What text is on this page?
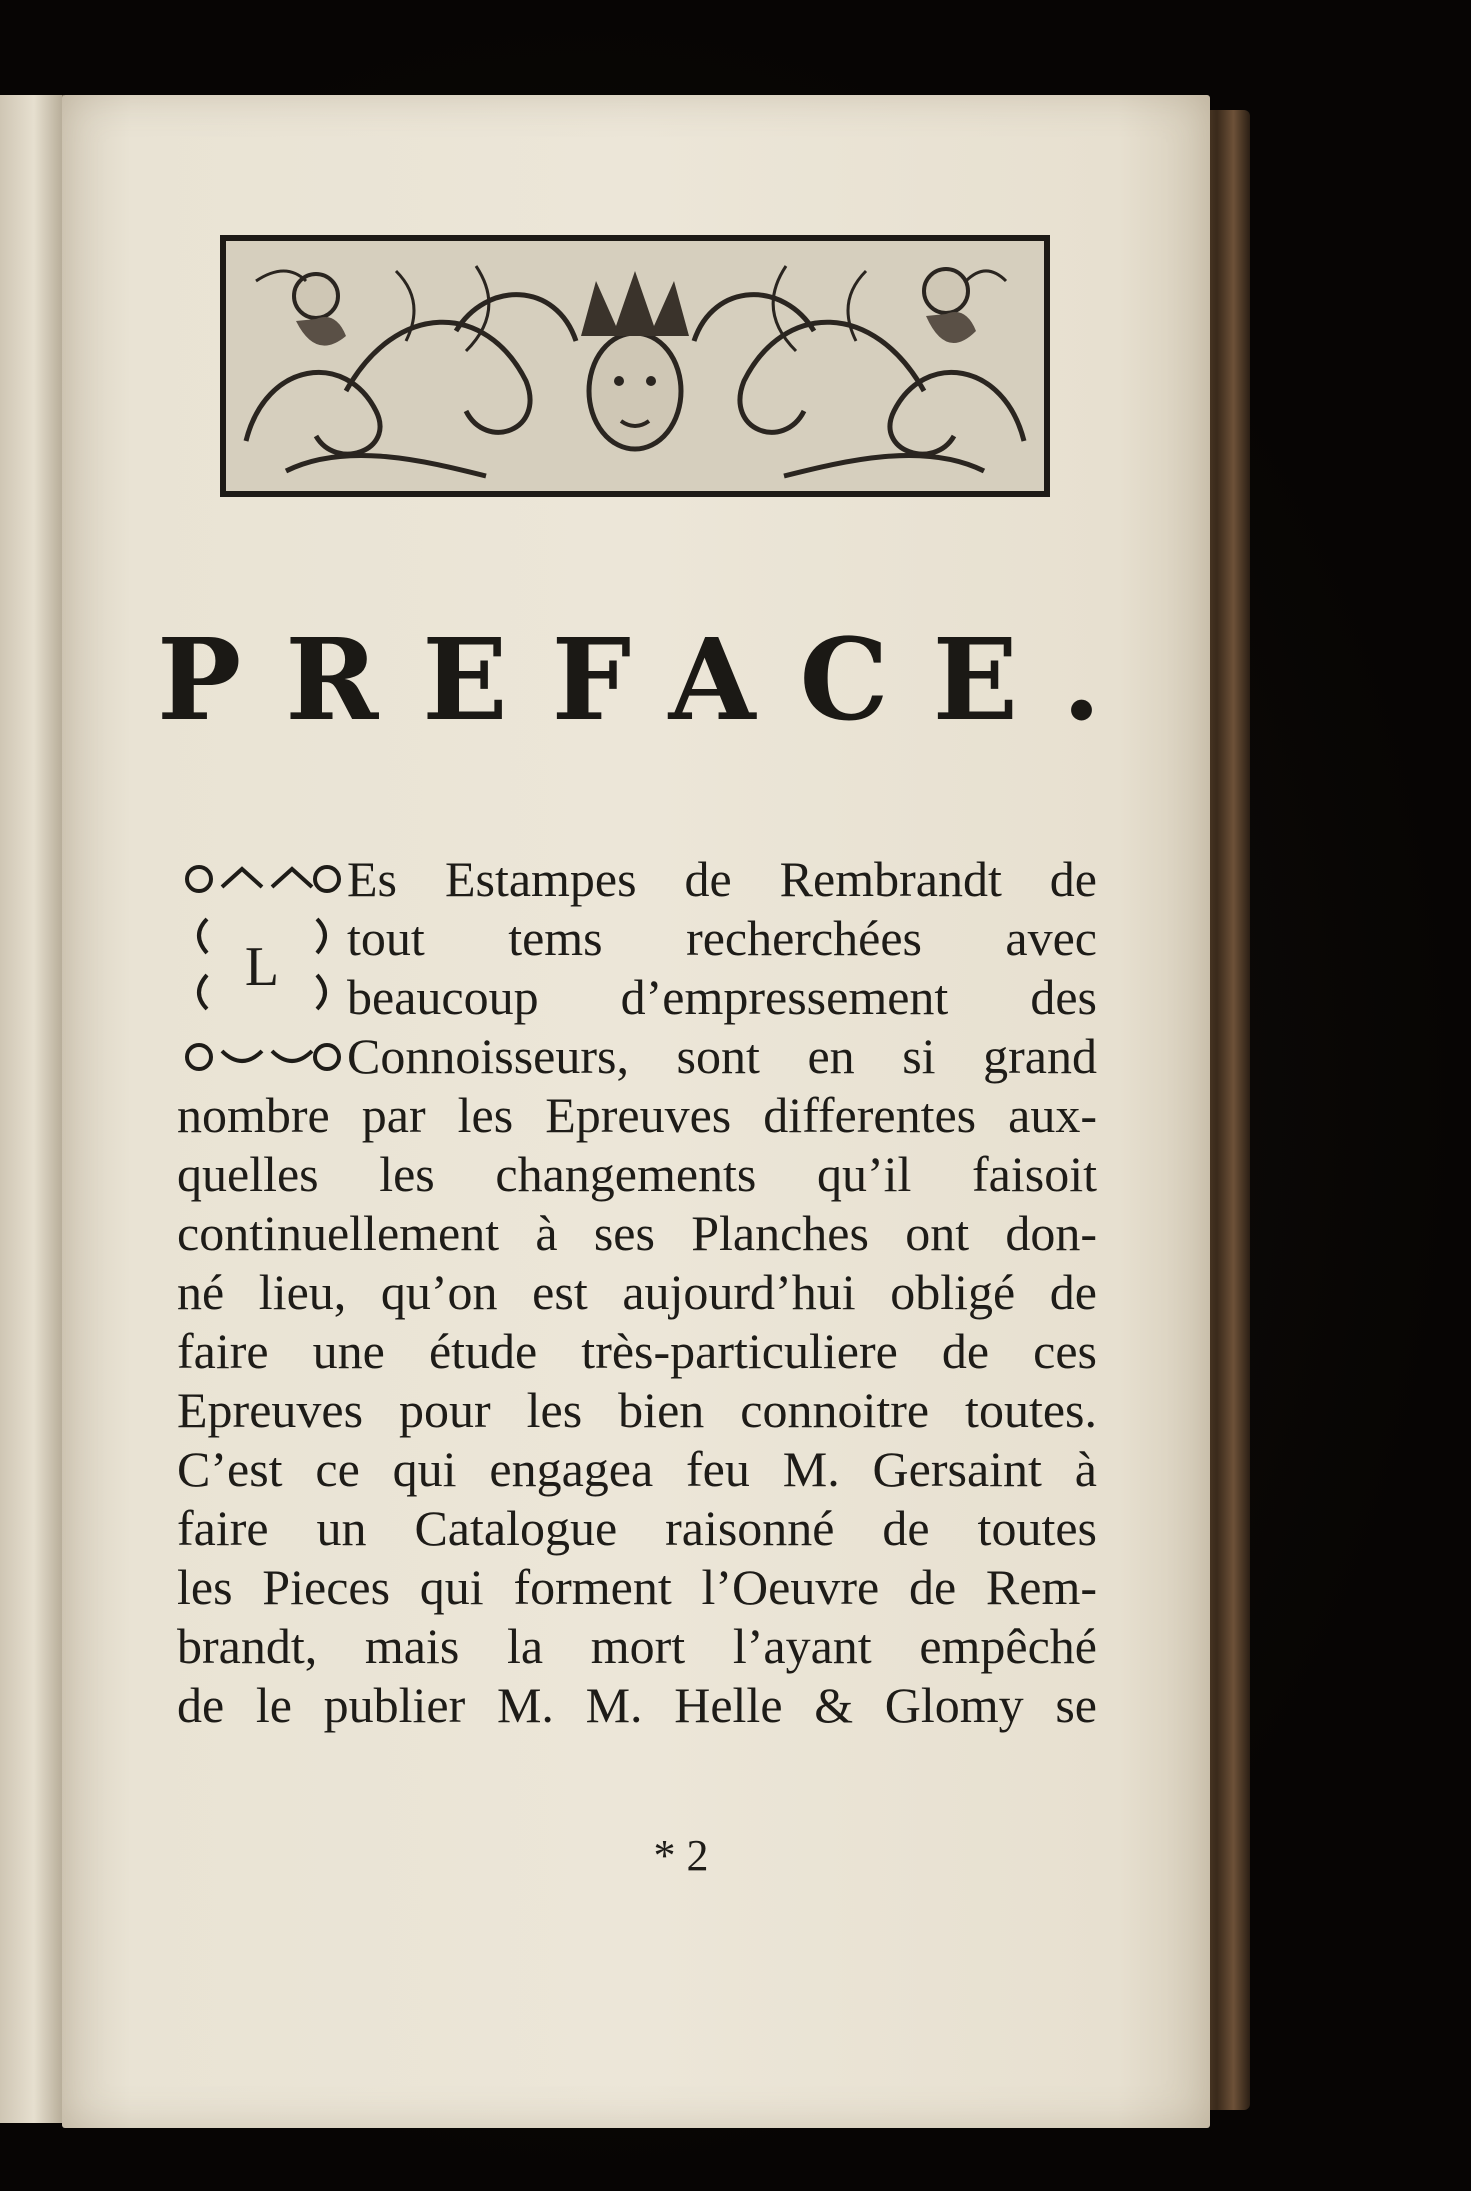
PREFACE.
L
Es Estampes de Rembrandt de
tout tems recherchées avec
beaucoup d’empressement des
Connoisseurs, sont en si grand
nombre par les Epreuves differentes aux-
quelles les changements qu’il faisoit
continuellement à ses Planches ont don-
né lieu, qu’on est aujourd’hui obligé de
faire une étude très-particuliere de ces
Epreuves pour les bien connoitre toutes.
C’est ce qui engagea feu M. Gersaint à
faire un Catalogue raisonné de toutes
les Pieces qui forment l’Oeuvre de Rem-
brandt, mais la mort l’ayant empêché
de le publier M. M. Helle & Glomy se
* 2
